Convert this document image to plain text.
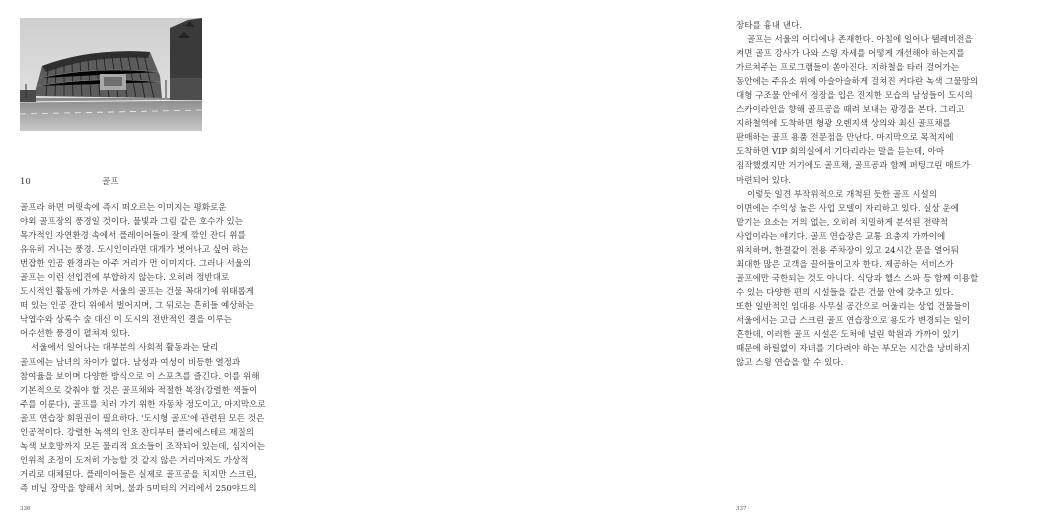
10	골프
골프라 하면 머릿속에 즉시 떠오르는 이미지는 평화로운
야외 골프장의 풍경일 것이다. 물빛과 그림 같은 호수가 있는
목가적인 자연환경 속에서 플레이어들이 잘게 깎인 잔디 위를
유유히 거니는 풍경. 도시인이라면 대개가 벗어나고 싶어 하는
번잡한 인공 환경과는 아주 거리가 먼 이미지다. 그러나 서울의
골프는 이런 선입견에 부합하지 않는다. 오히려 정반대로
도시적인 활동에 가까운 서울의 골프는 건물 꼭대기에 위태롭게
떠 있는 인공 잔디 위에서 벌어지며, 그 뒤로는 흔히들 예상하는
낙엽수와 상록수 숲 대신 이 도시의 전반적인 결을 이루는
어수선한 풍경이 펼쳐져 있다.
서울에서 일어나는 대부분의 사회적 활동과는 달리
골프에는 남녀의 차이가 없다. 남성과 여성이 비등한 열정과
참여율을 보이며 다양한 방식으로 이 스포츠를 즐긴다. 이를 위해
기본적으로 갖춰야 할 것은 골프채와 적절한 복장(강렬한 색들이
주를 이룬다), 골프를 치러 가기 위한 자동차 정도이고, 마지막으로
골프 연습장 회원권이 필요하다. '도시형 골프'에 관련된 모든 것은
인공적이다. 강렬한 녹색의 인조 잔디부터 폴리에스테르 재질의
녹색 보호망까지 모든 물리적 요소들이 조작되어 있는데, 심지어는
인위적 조정이 도저히 가능할 것 같지 않은 거리마저도 가상적
거리로 대체된다. 플레이어들은 실제로 골프공을 치지만 스크린,
즉 비닐 장막을 향해서 치며, 불과 5미터의 거리에서 250야드의
336
장타를 흉내 낸다.
골프는 서울의 어디에나 존재한다. 아침에 일어나 텔레비전을
켜면 골프 강사가 나와 스윙 자세를 어떻게 개선해야 하는지를
가르쳐주는 프로그램들이 쏟아진다. 지하철을 타러 걸어가는
동안에는 주유소 위에 아슬아슬하게 걸쳐진 커다란 녹색 그물망의
대형 구조물 안에서 정장을 입은 진지한 모습의 남성들이 도시의
스카이라인을 향해 골프공을 때려 보내는 광경을 본다. 그리고
지하철역에 도착하면 형광 오렌지색 상의와 최신 골프채를
판매하는 골프 용품 전문점을 만난다. 마지막으로 목적지에
도착하면 VIP 회의실에서 기다리라는 말을 듣는데, 아마
짐작했겠지만 거기에도 골프채, 골프공과 함께 퍼팅그린 매트가
마련되어 있다.
이렇듯 일견 부작위적으로 개척된 듯한 골프 시설의
이면에는 수익성 높은 사업 모델이 자리하고 있다. 실상 운에
맡기는 요소는 거의 없는, 오히려 치밀하게 분석된 전략적
사업이라는 얘기다. 골프 연습장은 교통 요충지 가까이에
위치하며, 한결같이 전용 주차장이 있고 24시간 문을 열어둬
최대한 많은 고객을 끌어들이고자 한다. 제공하는 서비스가
골프에만 국한되는 것도 아니다. 식당과 헬스 스파 등 함께 이용할
수 있는 다양한 편의 시설들을 같은 건물 안에 갖추고 있다.
또한 일반적인 임대용 사무실 공간으로 어울리는 상업 건물들이
서울에서는 고급 스크린 골프 연습장으로 용도가 변경되는 일이
흔한데, 이러한 골프 시설은 도처에 널린 학원과 가까이 있기
때문에 하릴없이 자녀를 기다려야 하는 부모는 시간을 낭비하지
않고 스윙 연습을 할 수 있다.
337
